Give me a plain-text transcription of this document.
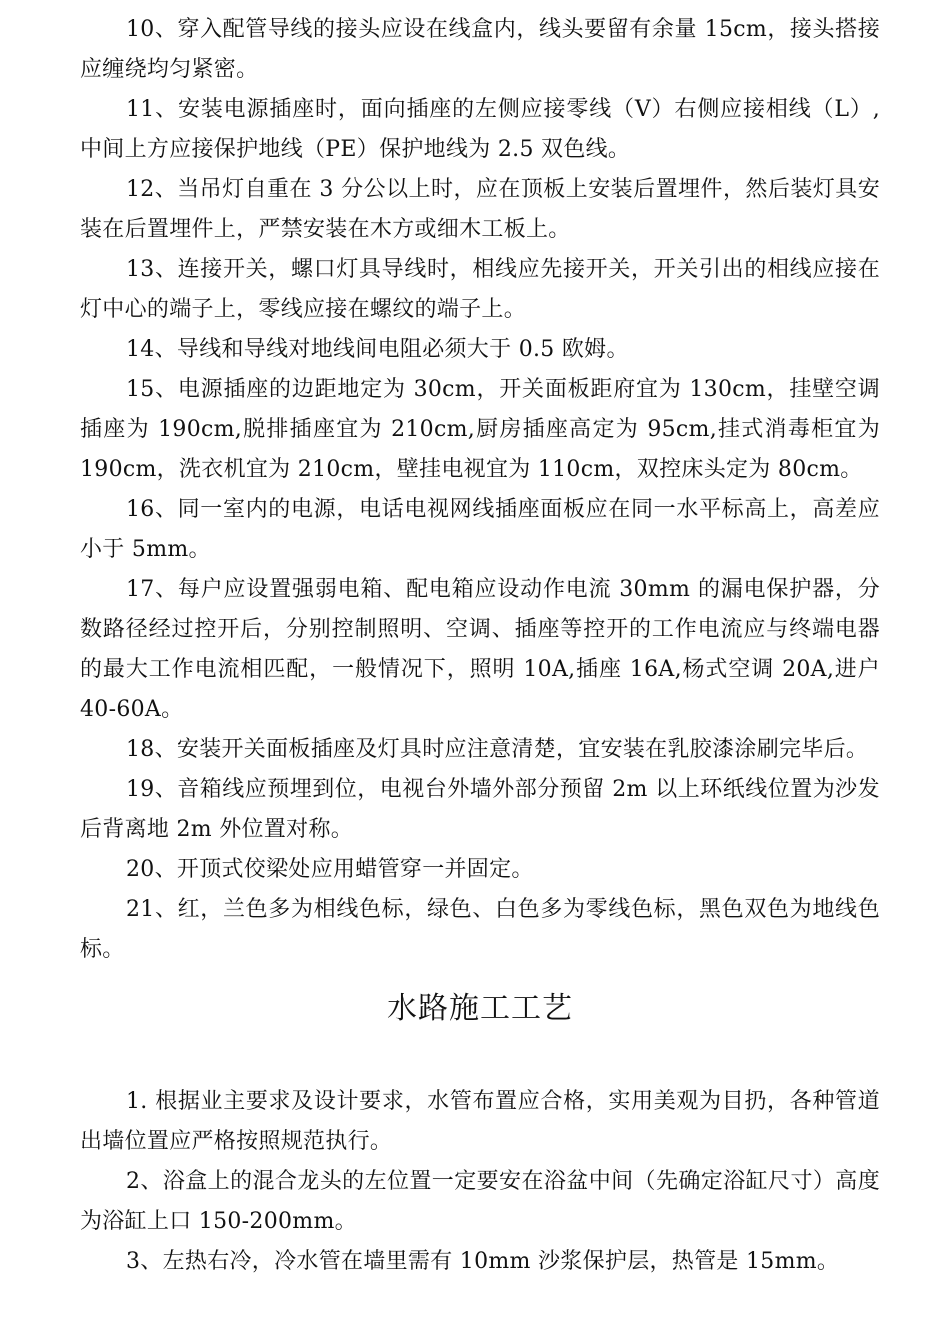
10、穿入配管导线的接头应设在线盒内，线头要留有余量 15cm，接头搭接应缠绕均匀紧密。

11、安装电源插座时，面向插座的左侧应接零线（V）右侧应接相线（L）,中间上方应接保护地线（PE）保护地线为 2.5 双色线。

12、当吊灯自重在 3 分公以上时，应在顶板上安装后置埋件，然后装灯具安装在后置埋件上，严禁安装在木方或细木工板上。

13、连接开关，螺口灯具导线时，相线应先接开关，开关引出的相线应接在灯中心的端子上，零线应接在螺纹的端子上。

14、导线和导线对地线间电阻必须大于 0.5 欧姆。

15、电源插座的边距地定为 30cm，开关面板距府宜为 130cm，挂壁空调插座为 190cm,脱排插座宜为 210cm,厨房插座高定为 95cm,挂式消毒柜宜为 190cm，洗衣机宜为 210cm，壁挂电视宜为 110cm，双控床头定为 80cm。

16、同一室内的电源，电话电视网线插座面板应在同一水平标高上，高差应小于 5mm。

17、每户应设置强弱电箱、配电箱应设动作电流 30mm 的漏电保护器，分数路径经过控开后，分别控制照明、空调、插座等控开的工作电流应与终端电器的最大工作电流相匹配，一般情况下，照明 10A,插座 16A,杨式空调 20A,进户 40-60A。

18、安装开关面板插座及灯具时应注意清楚，宜安装在乳胶漆涂刷完毕后。

19、音箱线应预埋到位，电视台外墙外部分预留 2m 以上环纸线位置为沙发后背离地 2m 外位置对称。

20、开顶式佼梁处应用蜡管穿一并固定。

21、红，兰色多为相线色标，绿色、白色多为零线色标，黑色双色为地线色标。

水路施工工艺

1. 根据业主要求及设计要求，水管布置应合格，实用美观为目扔，各种管道出墙位置应严格按照规范执行。

2、浴盒上的混合龙头的左位置一定要安在浴盆中间（先确定浴缸尺寸）高度为浴缸上口 150-200mm。

3、左热右冷，冷水管在墙里需有 10mm 沙浆保护层，热管是 15mm。
